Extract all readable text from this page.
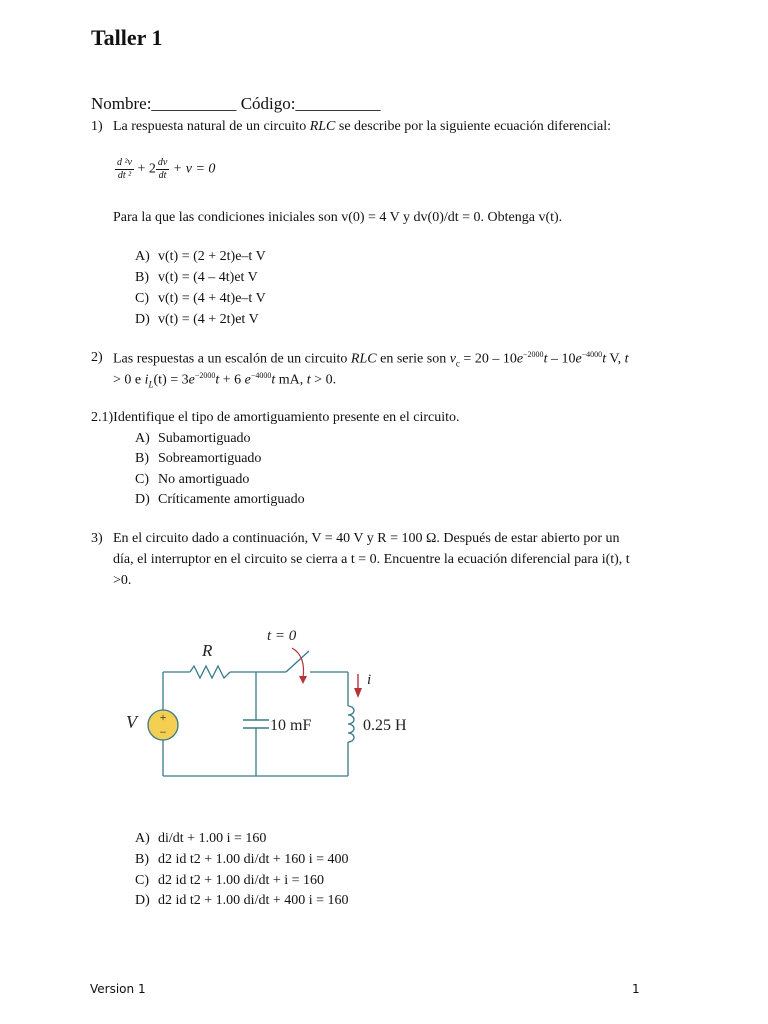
Taller 1
Nombre:__________ Código:__________
1) La respuesta natural de un circuito RLC se describe por la siguiente ecuación diferencial:
$\frac{\text{d ²v}}{\text{dt ²}} + 2 \frac{dv}{dt} + v = 0$
Para la que las condiciones iniciales son v(0) = 4 V y dv(0)/dt = 0. Obtenga v(t).
A) v(t) = (2 + 2t)e–t V
B) v(t) = (4 – 4t)et V
C) v(t) = (4 + 4t)e–t V
D) v(t) = (4 + 2t)et V
2) Las respuestas a un escalón de un circuito RLC en serie son $v_c = 20 - 10e^{-2000}t - 10e^{-4000}t$ V, t
> 0 e $i_L(t) = 3e^{-2000}t + 6$ $e^{-4000}t$ mA, t > 0.
2.1)Identifique el tipo de amortiguamiento presente en el circuito.
A) Subamortiguado
B) Sobreamortiguado
C) No amortiguado
D) Críticamente amortiguado
3) En el circuito dado a continuación, V = 40 V y R = 100 Ω. Después de estar abierto por un
día, el interruptor en el circuito se cierra a t = 0. Encuentre la ecuación diferencial para i(t), t
>0.
+
−
V
R
t = 0
i
10 mF	0.25 H
A) di/dt + 1.00 i = 160
B) d2 id t2 + 1.00 di/dt + 160 i = 400
C) d2 id t2 + 1.00 di/dt + i = 160
D) d2 id t2 + 1.00 di/dt + 400 i = 160
Version 1	1
